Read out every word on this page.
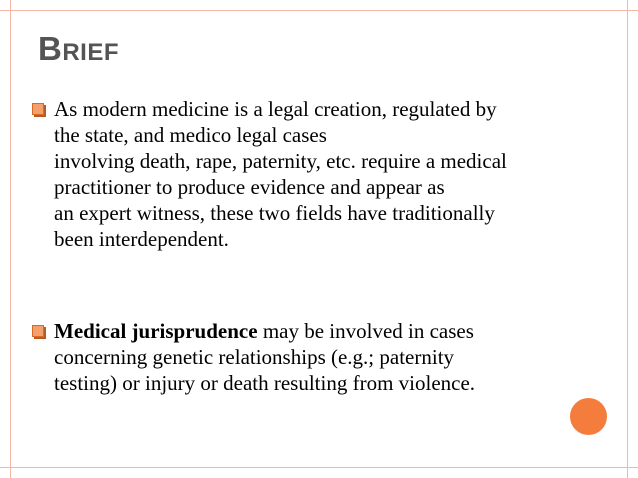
BRIEF
As modern medicine is a legal creation, regulated by
the state, and medico legal cases
involving death, rape, paternity, etc. require a medical
practitioner to produce evidence and appear as
an expert witness, these two fields have traditionally
been interdependent.
Medical jurisprudence may be involved in cases
concerning genetic relationships (e.g.; paternity
testing) or injury or death resulting from violence.
